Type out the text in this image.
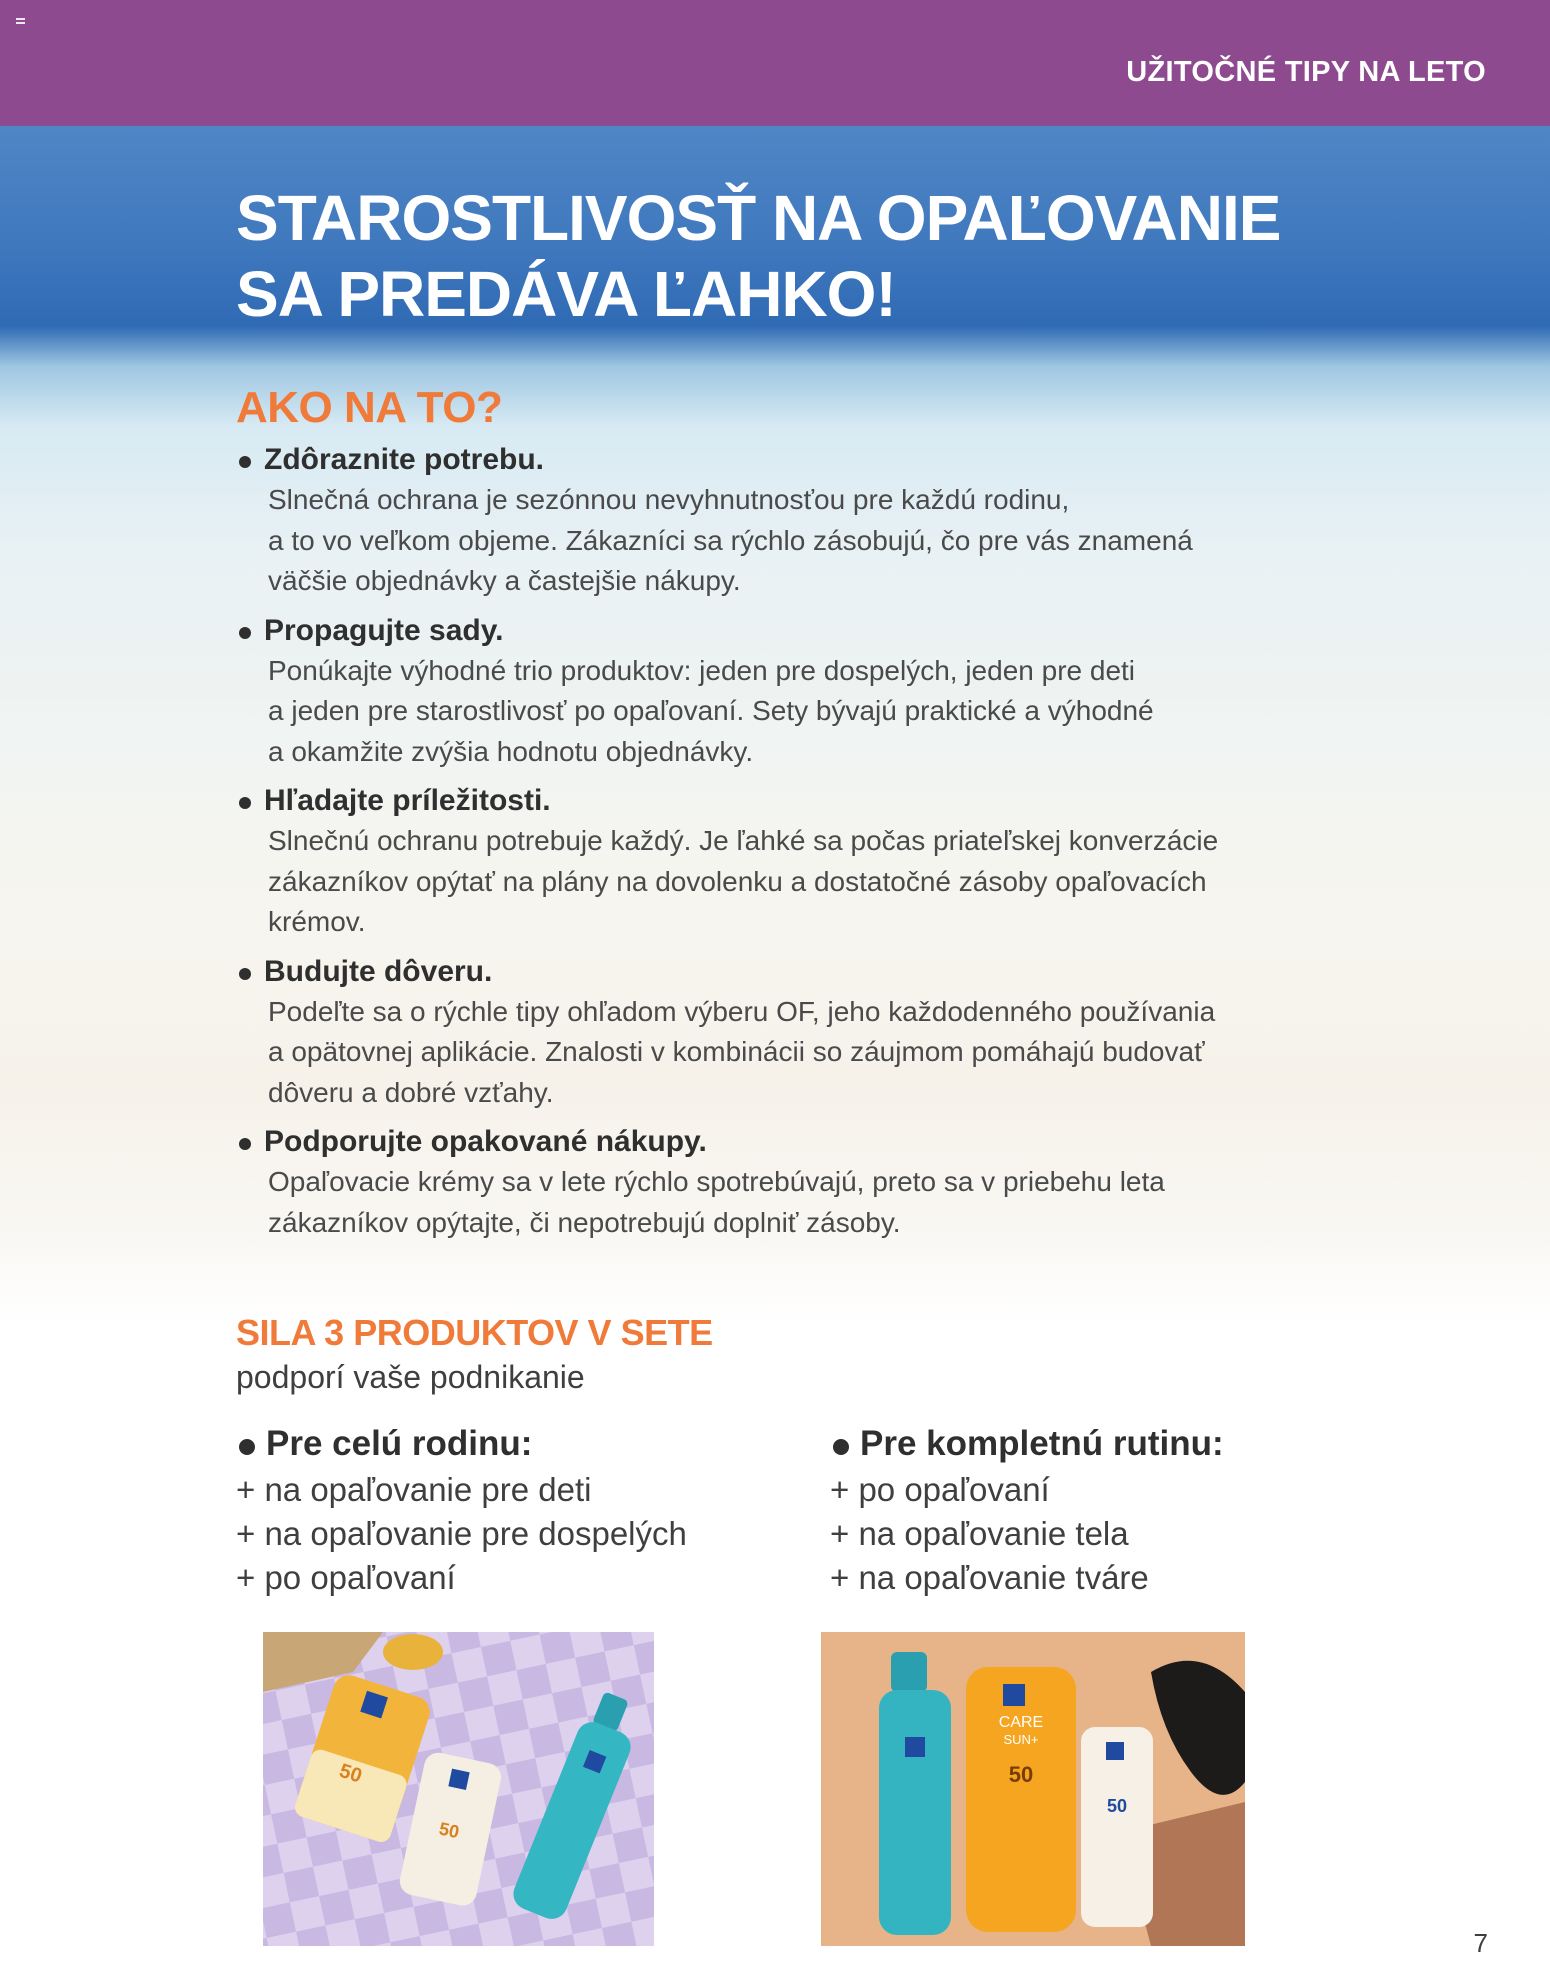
UŽITOČNÉ TIPY NA LETO
STAROSTLIVOSŤ NA OPAĽOVANIE
SA PREDÁVA ĽAHKO!
AKO NA TO?
Zdôraznite potrebu.
Slnečná ochrana je sezónnou nevyhnutnosťou pre každú rodinu,
a to vo veľkom objeme. Zákazníci sa rýchlo zásobujú, čo pre vás znamená
väčšie objednávky a častejšie nákupy.
Propagujte sady.
Ponúkajte výhodné trio produktov: jeden pre dospelých, jeden pre deti
a jeden pre starostlivosť po opaľovaní. Sety bývajú praktické a výhodné
a okamžite zvýšia hodnotu objednávky.
Hľadajte príležitosti.
Slnečnú ochranu potrebuje každý. Je ľahké sa počas priateľskej konverzácie
zákazníkov opýtať na plány na dovolenku a dostatočné zásoby opaľovacích
krémov.
Budujte dôveru.
Podeľte sa o rýchle tipy ohľadom výberu OF, jeho každodenného používania
a opätovnej aplikácie. Znalosti v kombinácii so záujmom pomáhajú budovať
dôveru a dobré vzťahy.
Podporujte opakované nákupy.
Opaľovacie krémy sa v lete rýchlo spotrebúvajú, preto sa v priebehu leta
zákazníkov opýtajte, či nepotrebujú doplniť zásoby.
SILA 3 PRODUKTOV V SETE
podporí vaše podnikanie
Pre celú rodinu:
+ na opaľovanie pre deti
+ na opaľovanie pre dospelých
+ po opaľovaní
Pre kompletnú rutinu:
+ po opaľovaní
+ na opaľovanie tela
+ na opaľovanie tváre
50
50
CARE
SUN+
50
50
7
